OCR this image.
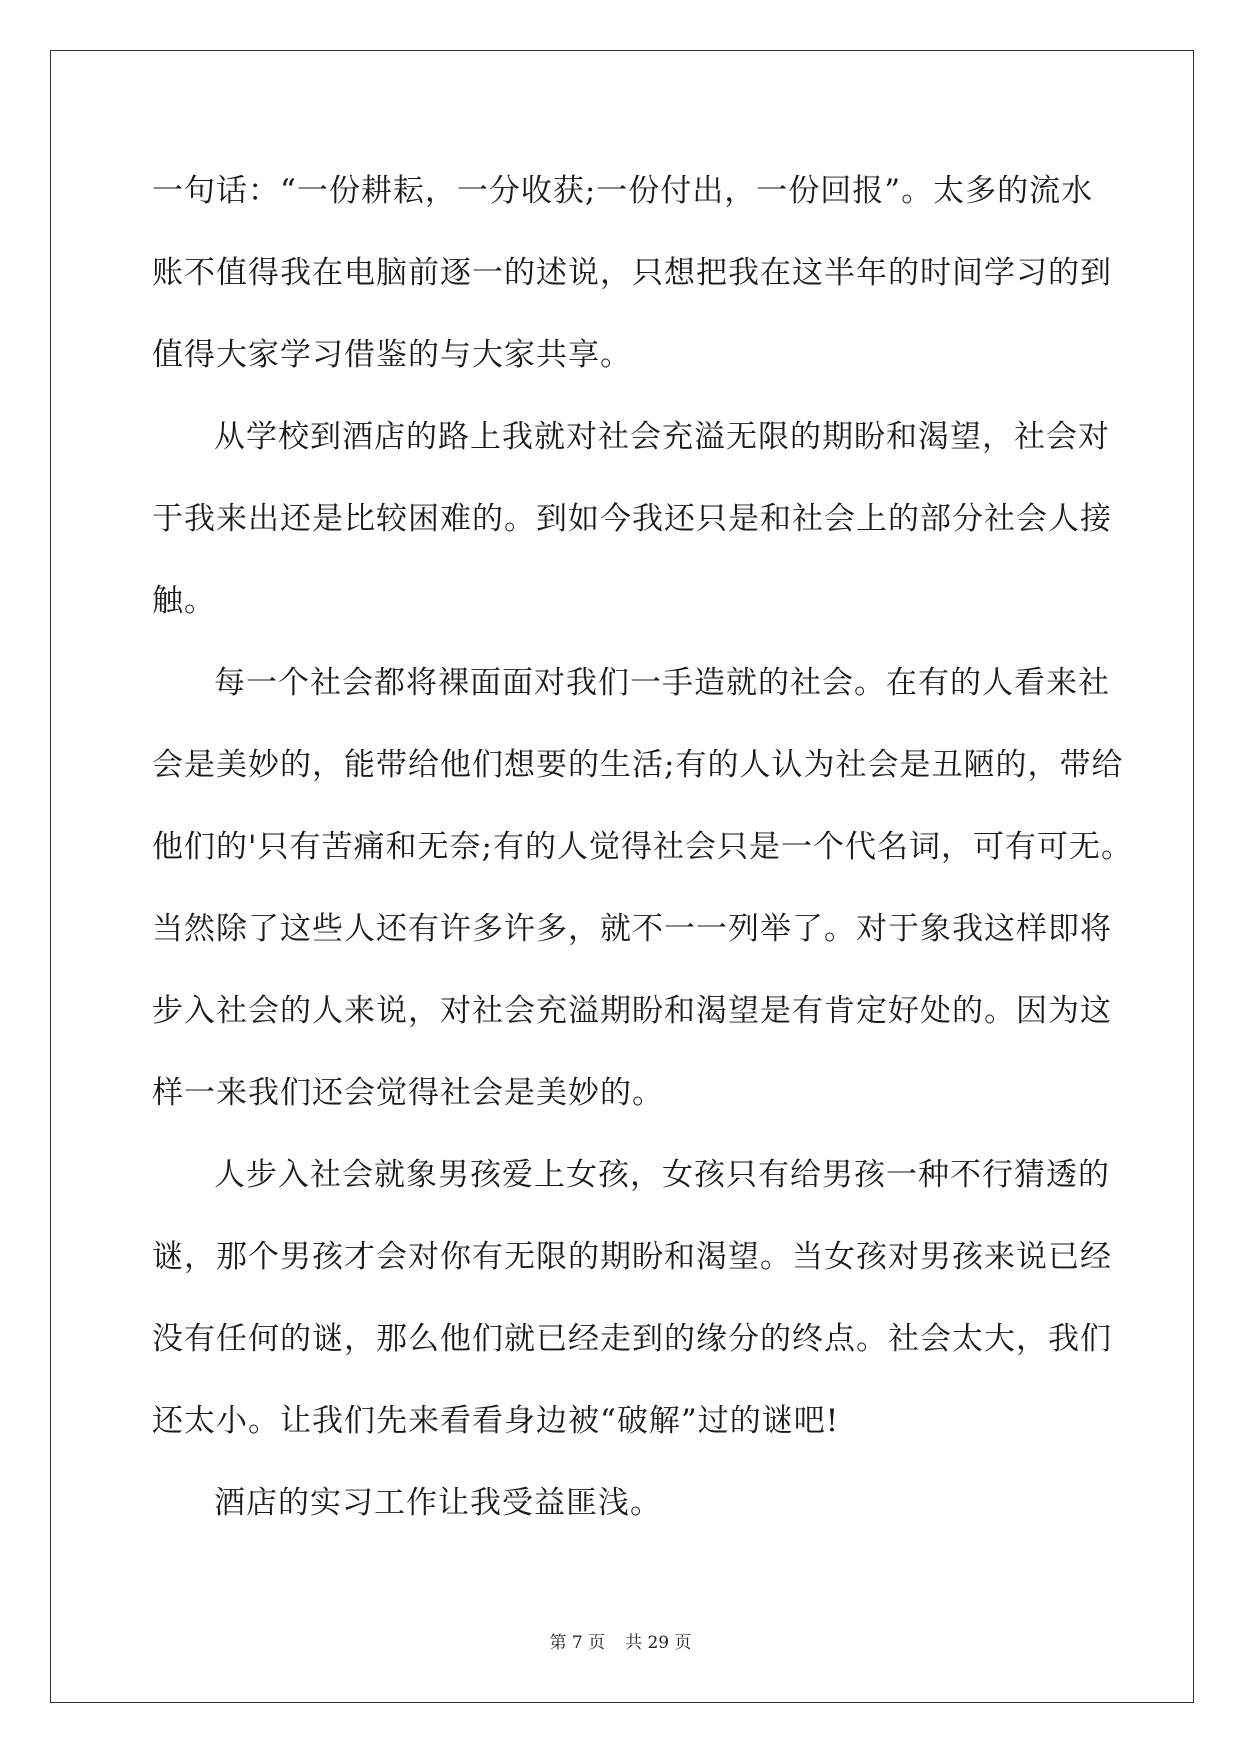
一句话：“一份耕耘，一分收获;一份付出，一份回报”。太多的流水
账不值得我在电脑前逐一的述说，只想把我在这半年的时间学习的到
值得大家学习借鉴的与大家共享。
从学校到酒店的路上我就对社会充溢无限的期盼和渴望，社会对
于我来出还是比较困难的。到如今我还只是和社会上的部分社会人接
触。
每一个社会都将裸面面对我们一手造就的社会。在有的人看来社
会是美妙的，能带给他们想要的生活;有的人认为社会是丑陋的，带给
他们的'只有苦痛和无奈;有的人觉得社会只是一个代名词，可有可无。
当然除了这些人还有许多许多，就不一一列举了。对于象我这样即将
步入社会的人来说，对社会充溢期盼和渴望是有肯定好处的。因为这
样一来我们还会觉得社会是美妙的。
人步入社会就象男孩爱上女孩，女孩只有给男孩一种不行猜透的
谜，那个男孩才会对你有无限的期盼和渴望。当女孩对男孩来说已经
没有任何的谜，那么他们就已经走到的缘分的终点。社会太大，我们
还太小。让我们先来看看身边被“破解”过的谜吧!
酒店的实习工作让我受益匪浅。
第 7 页 共 29 页
